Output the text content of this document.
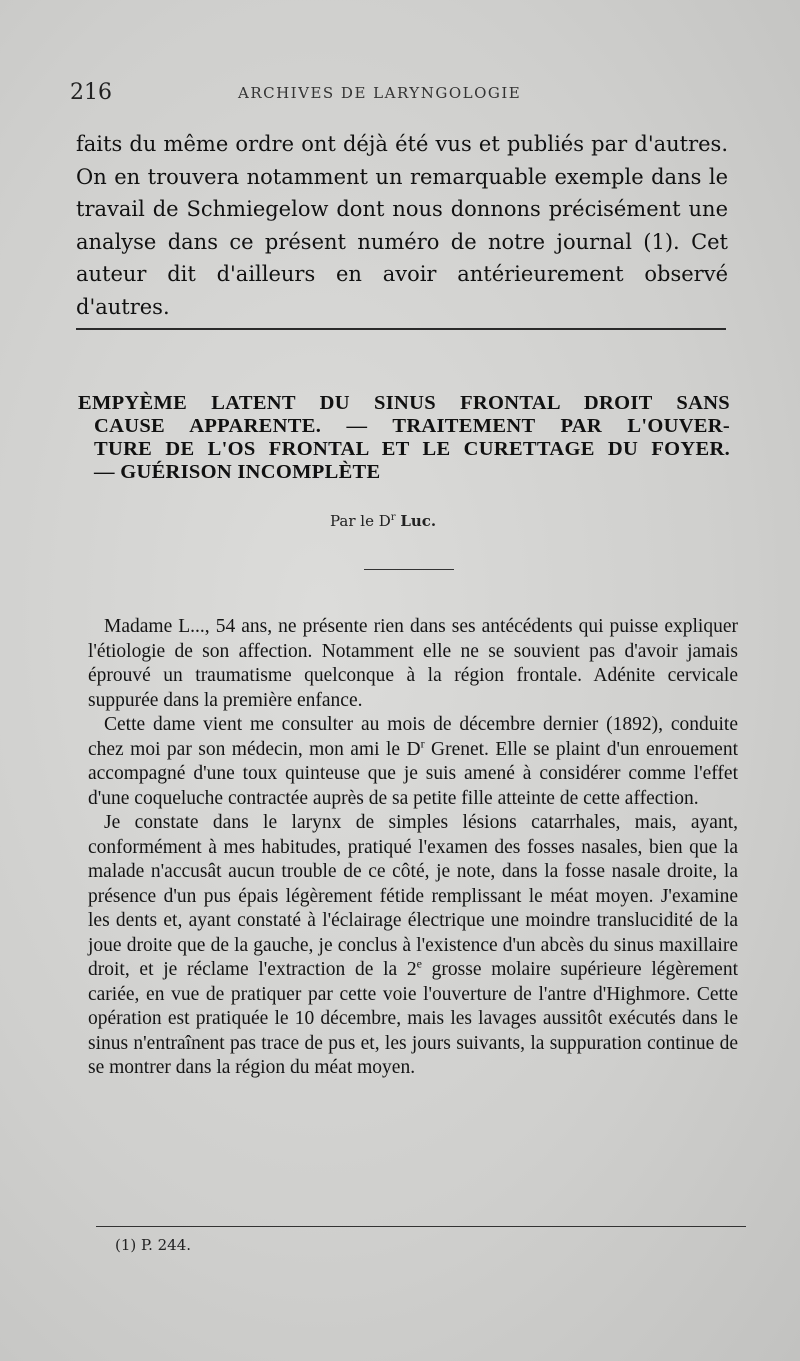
216	ARCHIVES DE LARYNGOLOGIE

faits du même ordre ont déjà été vus et publiés par d'autres. On en trouvera notamment un remarquable exemple dans le travail de Schmiegelow dont nous donnons précisément une analyse dans ce présent numéro de notre journal (1). Cet auteur dit d'ailleurs en avoir antérieurement observé d'autres.

EMPYÈME LATENT DU SINUS FRONTAL DROIT SANS
CAUSE APPARENTE. — TRAITEMENT PAR L'OUVER-
TURE DE L'OS FRONTAL ET LE CURETTAGE DU FOYER.
— GUÉRISON INCOMPLÈTE
Par le $D^r$ Luc.

Madame L..., 54 ans, ne présente rien dans ses antécédents qui puisse expliquer l'étiologie de son affection. Notamment elle ne se souvient pas d'avoir jamais éprouvé un traumatisme quelconque à la région frontale. Adénite cervicale suppurée dans la première enfance.

Cette dame vient me consulter au mois de décembre dernier (1892), conduite chez moi par son médecin, mon ami le $D^r$ Grenet. Elle se plaint d'un enrouement accompagné d'une toux quinteuse que je suis amené à considérer comme l'effet d'une coqueluche contractée auprès de sa petite fille atteinte de cette affection.

Je constate dans le larynx de simples lésions catarrhales, mais, ayant, conformément à mes habitudes, pratiqué l'examen des fosses nasales, bien que la malade n'accusât aucun trouble de ce côté, je note, dans la fosse nasale droite, la présence d'un pus épais légèrement fétide remplissant le méat moyen. J'examine les dents et, ayant constaté à l'éclairage électrique une moindre translucidité de la joue droite que de la gauche, je conclus à l'existence d'un abcès du sinus maxillaire droit, et je réclame l'extraction de la 2e grosse molaire supérieure légèrement cariée, en vue de pratiquer par cette voie l'ouverture de l'antre d'Highmore. Cette opération est pratiquée le 10 décembre, mais les lavages aussitôt exécutés dans le sinus n'entraînent pas trace de pus et, les jours suivants, la suppuration continue de se montrer dans la région du méat moyen.

(1) P. 244.
